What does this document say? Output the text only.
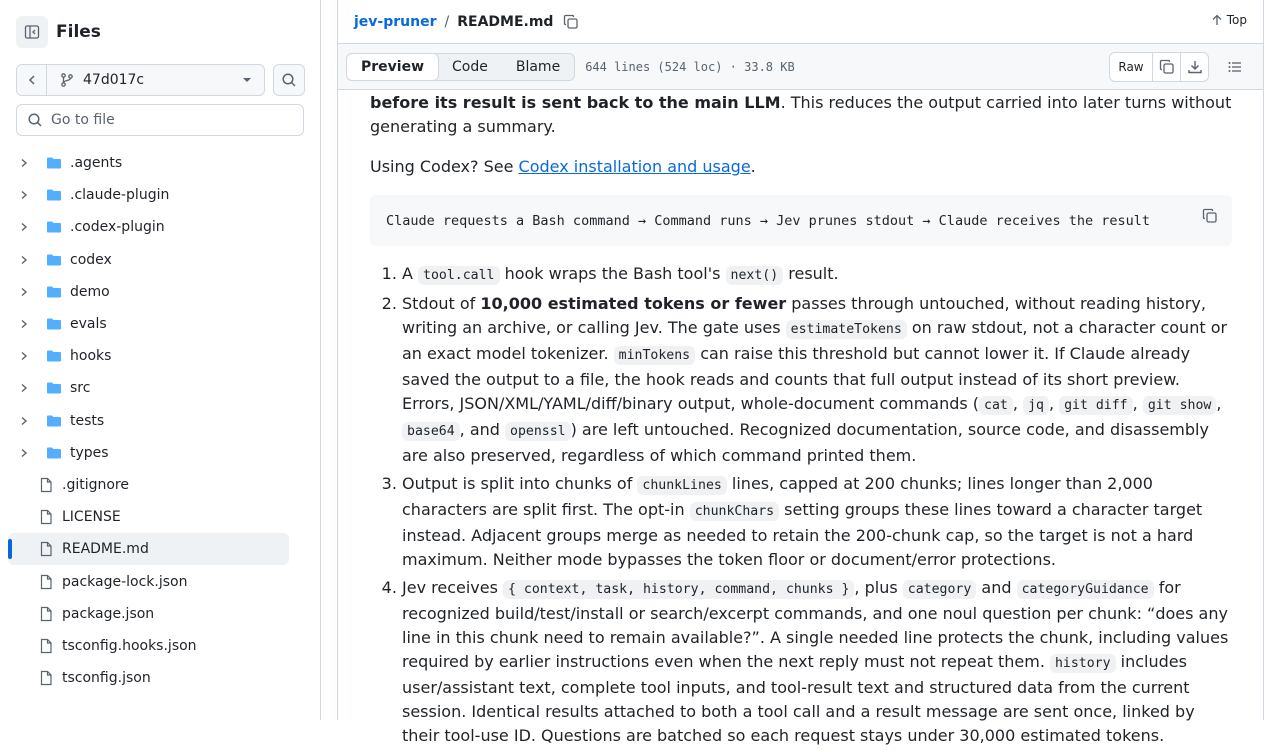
Files
47d017c
Go to file
.agents
.claude-plugin
.codex-plugin
codex
demo
evals
hooks
src
tests
types
.gitignore
LICENSE
README.md
package-lock.json
package.json
tsconfig.hooks.json
tsconfig.json
jev-pruner / README.md	Top
Preview	Code	Blame	644 lines (524 loc) · 33.8 KB	Raw

before its result is sent back to the main LLM. This reduces the output carried into later turns without generating a summary.

Using Codex? See Codex installation and usage.

Claude requests a Bash command → Command runs → Jev prunes stdout → Claude receives the result
1. A tool.call hook wraps the Bash tool's next() result.
2. Stdout of 10,000 estimated tokens or fewer passes through untouched, without reading history, writing an archive, or calling Jev. The gate uses estimateTokens on raw stdout, not a character count or an exact model tokenizer. minTokens can raise this threshold but cannot lower it. If Claude already saved the output to a file, the hook reads and counts that full output instead of its short preview. Errors, JSON/XML/YAML/diff/binary output, whole-document commands ( cat , jq , git diff , git show , base64 , and openssl ) are left untouched. Recognized documentation, source code, and disassembly are also preserved, regardless of which command printed them.
3. Output is split into chunks of chunkLines lines, capped at 200 chunks; lines longer than 2,000 characters are split first. The opt-in chunkChars setting groups these lines toward a character target instead. Adjacent groups merge as needed to retain the 200-chunk cap, so the target is not a hard maximum. Neither mode bypasses the token floor or document/error protections.
4. Jev receives { context, task, history, command, chunks } , plus category and categoryGuidance for recognized build/test/install or search/excerpt commands, and one noul question per chunk: “does any line in this chunk need to remain available?”. A single needed line protects the chunk, including values required by earlier instructions even when the next reply must not repeat them. history includes user/assistant text, complete tool inputs, and tool-result text and structured data from the current session. Identical results attached to both a tool call and a result message are sent once, linked by their tool-use ID. Questions are batched so each request stays under 30,000 estimated tokens.
